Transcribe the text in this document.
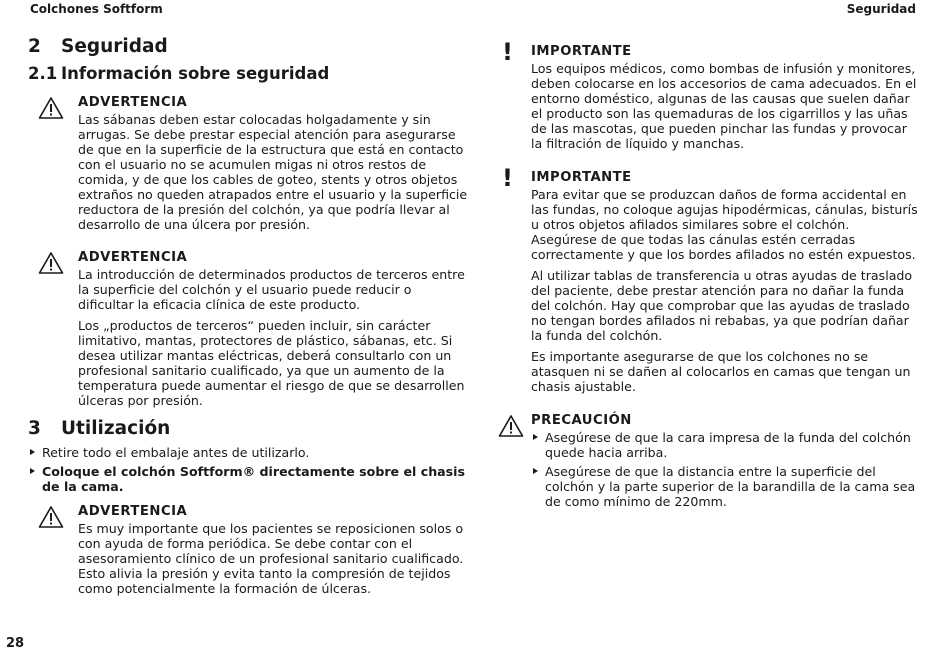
Colchones Softform	Seguridad
2 Seguridad
2.1 Información sobre seguridad
ADVERTENCIA

Las sábanas deben estar colocadas holgadamente y sin arrugas. Se debe prestar especial atención para asegurarse de que en la superficie de la estructura que está en contacto con el usuario no se acumulen migas ni otros restos de comida, y de que los cables de goteo, stents y otros objetos extraños no queden atrapados entre el usuario y la superficie reductora de la presión del colchón, ya que podría llevar al desarrollo de una úlcera por presión.

ADVERTENCIA

La introducción de determinados productos de terceros entre la superficie del colchón y el usuario puede reducir o dificultar la eficacia clínica de este producto.

Los „productos de terceros“ pueden incluir, sin carácter limitativo, mantas, protectores de plástico, sábanas, etc. Si desea utilizar mantas eléctricas, deberá consultarlo con un profesional sanitario cualificado, ya que un aumento de la temperatura puede aumentar el riesgo de que se desarrollen úlceras por presión.

3 Utilización
Retire todo el embalaje antes de utilizarlo.
Coloque el colchón Softform® directamente sobre el chasis de la cama.
ADVERTENCIA

Es muy importante que los pacientes se reposicionen solos o con ayuda de forma periódica. Se debe contar con el asesoramiento clínico de un profesional sanitario cualificado. Esto alivia la presión y evita tanto la compresión de tejidos como potencialmente la formación de úlceras.

! IMPORTANTE

Los equipos médicos, como bombas de infusión y monitores, deben colocarse en los accesorios de cama adecuados. En el entorno doméstico, algunas de las causas que suelen dañar el producto son las quemaduras de los cigarrillos y las uñas de las mascotas, que pueden pinchar las fundas y provocar la filtración de líquido y manchas.

! IMPORTANTE

Para evitar que se produzcan daños de forma accidental en las fundas, no coloque agujas hipodérmicas, cánulas, bisturís u otros objetos afilados similares sobre el colchón. Asegúrese de que todas las cánulas estén cerradas correctamente y que los bordes afilados no estén expuestos.

Al utilizar tablas de transferencia u otras ayudas de traslado del paciente, debe prestar atención para no dañar la funda del colchón. Hay que comprobar que las ayudas de traslado no tengan bordes afilados ni rebabas, ya que podrían dañar la funda del colchón.

Es importante asegurarse de que los colchones no se atasquen ni se dañen al colocarlos en camas que tengan un chasis ajustable.

PRECAUCIÓN
Asegúrese de que la cara impresa de la funda del colchón quede hacia arriba.
Asegúrese de que la distancia entre la superficie del colchón y la parte superior de la barandilla de la cama sea de como mínimo de 220mm.
28
